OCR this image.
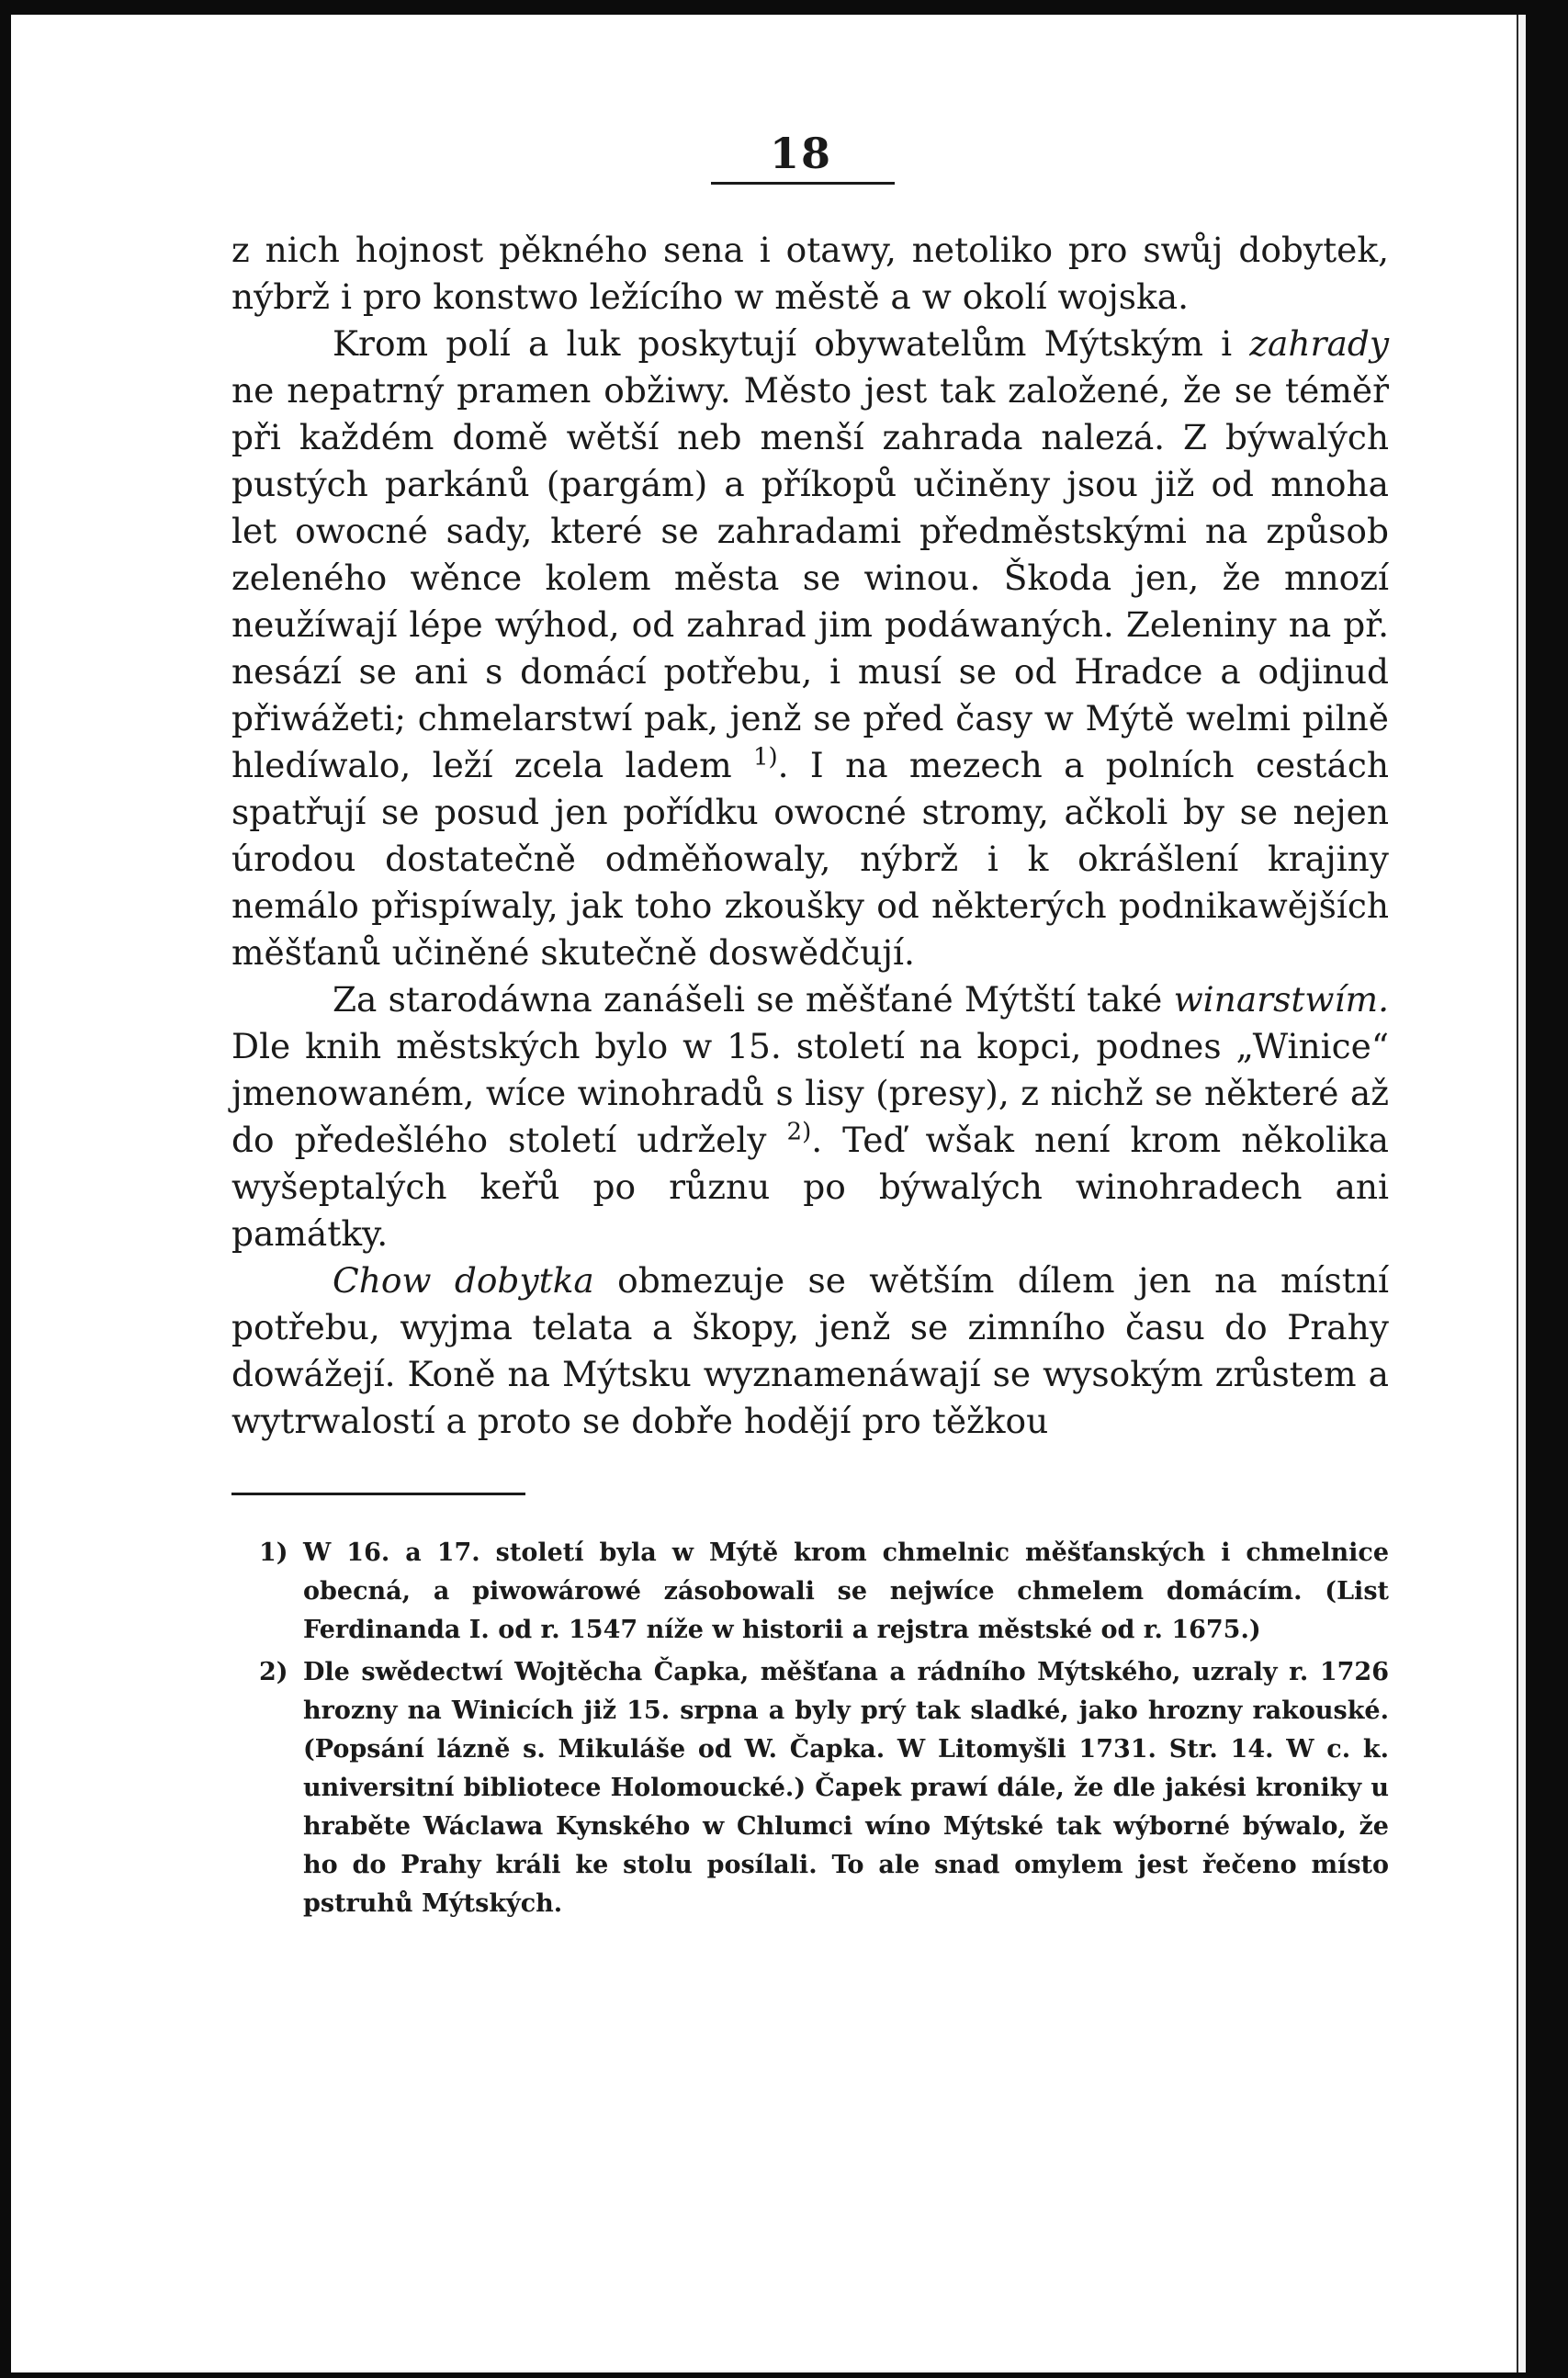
18

z nich hojnost pěkného sena i otawy, netoliko pro swůj dobytek, nýbrž i pro konstwo ležícího w městě a w okolí wojska.

Krom polí a luk poskytují obywatelům Mýtským i zahrady ne nepatrný pramen obžiwy. Město jest tak založené, že se téměř při každém domě wětší neb menší zahrada nalezá. Z býwalých pustých parkánů (pargám) a příkopů učiněny jsou již od mnoha let owocné sady, které se zahradami předměstskými na způsob zeleného wěnce kolem města se winou. Škoda jen, že mnozí neužíwají lépe wýhod, od zahrad jim podáwaných. Zeleniny na př. nesází se ani s domácí potřebu, i musí se od Hradce a odjinud přiwážeti; chmelarstwí pak, jenž se před časy w Mýtě welmi pilně hledíwalo, leží zcela ladem $^{1)}$. I na mezech a polních cestách spatřují se posud jen pořídku owocné stromy, ačkoli by se nejen úrodou dostatečně odměňowaly, nýbrž i k okrášlení krajiny nemálo přispíwaly, jak toho zkoušky od některých podnikawějších měšťanů učiněné skutečně doswědčují.

Za starodáwna zanášeli se měšťané Mýtští také winarstwím. Dle knih městských bylo w 15. století na kopci, podnes „Winice“ jmenowaném, wíce winohradů s lisy (presy), z nichž se některé až do předešlého století udržely $^{2)}$. Teď wšak není krom několika wyšeptalých keřů po různu po býwalých winohradech ani památky.

Chow dobytka obmezuje se wětším dílem jen na místní potřebu, wyjma telata a škopy, jenž se zimního času do Prahy dowážejí. Koně na Mýtsku wyznamenáwají se wysokým zrůstem a wytrwalostí a proto se dobře hodějí pro těžkou

1) W 16. a 17. století byla w Mýtě krom chmelnic měšťanských i chmelnice obecná, a piwowárowé zásobowali se nejwíce chmelem domácím. (List Ferdinanda I. od r. 1547 níže w historii a rejstra městské od r. 1675.)
2) Dle swědectwí Wojtěcha Čapka, měšťana a rádního Mýtského, uzraly r. 1726 hrozny na Winicích již 15. srpna a byly prý tak sladké, jako hrozny rakouské. (Popsání lázně s. Mikuláše od W. Čapka. W Litomyšli 1731. Str. 14. W c. k. universitní bibliotece Holomoucké.) Čapek prawí dále, že dle jakési kroniky u hraběte Wáclawa Kynského w Chlumci wíno Mýtské tak wýborné býwalo, že ho do Prahy králi ke stolu posílali. To ale snad omylem jest řečeno místo pstruhů Mýtských.
